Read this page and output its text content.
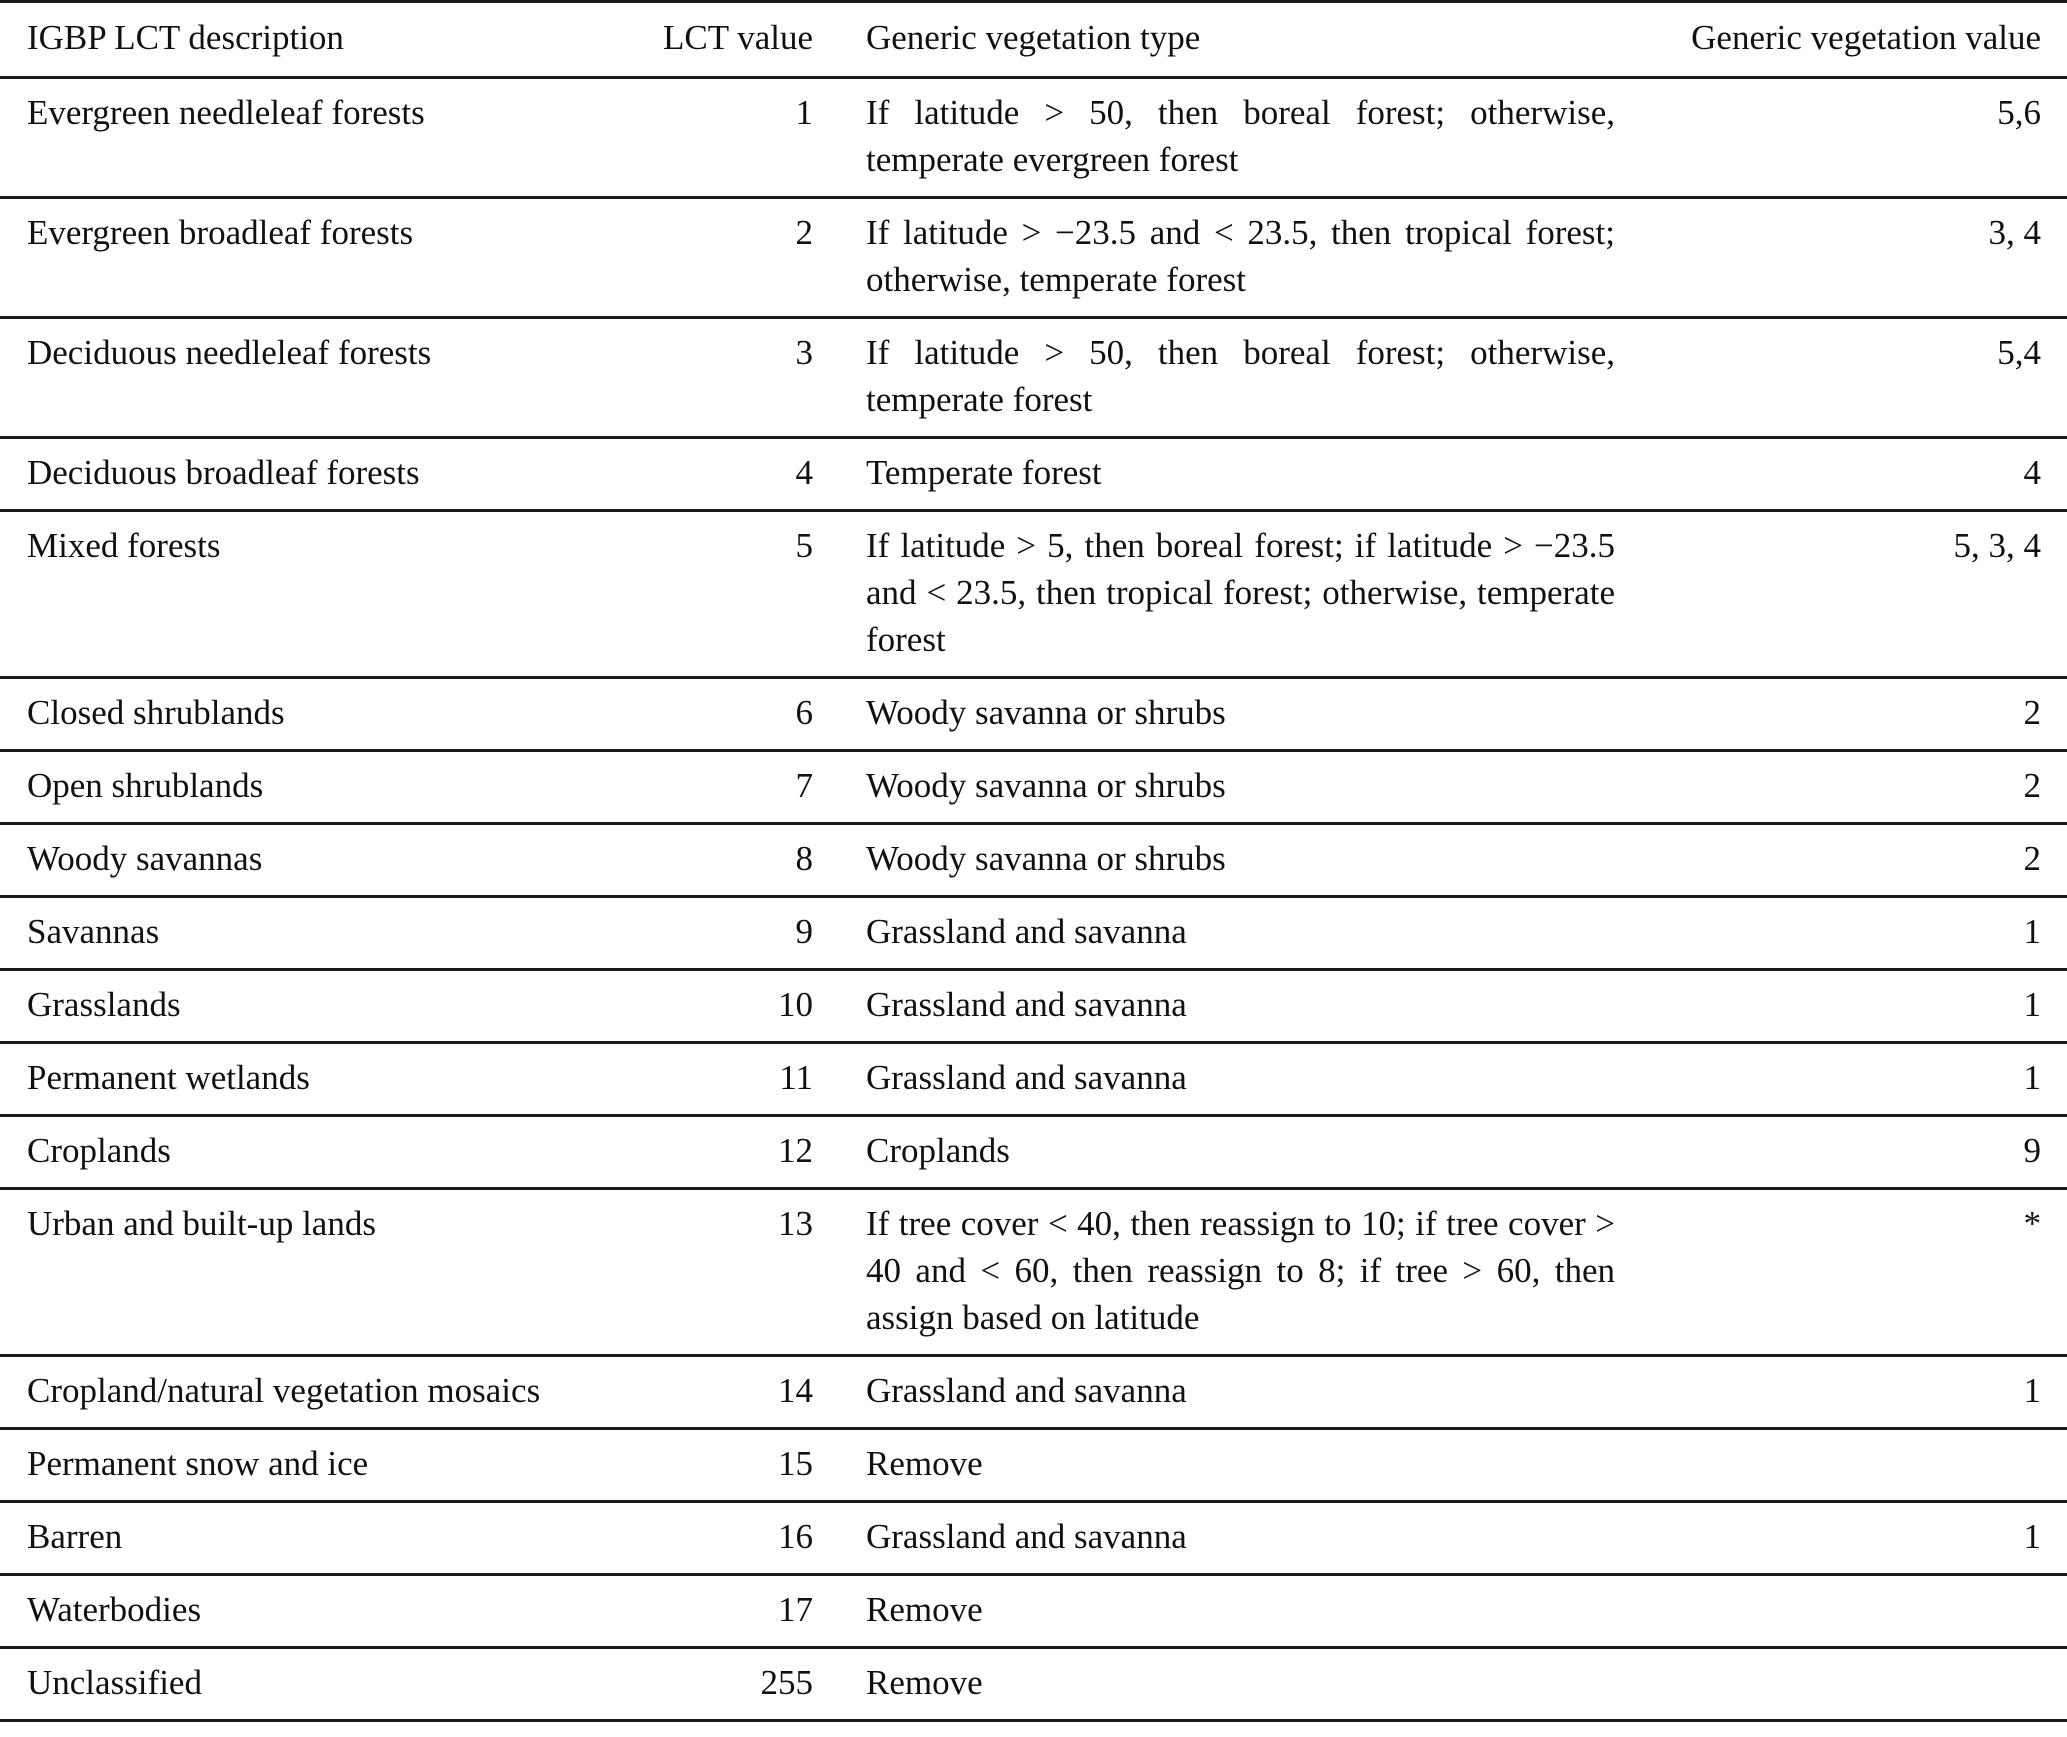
IGBP LCT description	LCT value	Generic vegetation type	Generic vegetation value
Evergreen needleleaf forests	1	If latitude > 50, then boreal forest; otherwise, temperate evergreen forest	5,6
Evergreen broadleaf forests	2	If latitude > −23.5 and < 23.5, then tropical forest; otherwise, temperate forest	3, 4
Deciduous needleleaf forests	3	If latitude > 50, then boreal forest; otherwise, temperate forest	5,4
Deciduous broadleaf forests	4	Temperate forest	4
Mixed forests	5	If latitude > 5, then boreal forest; if latitude > −23.5 and < 23.5, then tropical forest; otherwise, temperate forest	5, 3, 4
Closed shrublands	6	Woody savanna or shrubs	2
Open shrublands	7	Woody savanna or shrubs	2
Woody savannas	8	Woody savanna or shrubs	2
Savannas	9	Grassland and savanna	1
Grasslands	10	Grassland and savanna	1
Permanent wetlands	11	Grassland and savanna	1
Croplands	12	Croplands	9
Urban and built-up lands	13	If tree cover < 40, then reassign to 10; if tree cover > 40 and < 60, then reassign to 8; if tree > 60, then assign based on latitude	*
Cropland/natural vegetation mosaics	14	Grassland and savanna	1
Permanent snow and ice	15	Remove	
Barren	16	Grassland and savanna	1
Waterbodies	17	Remove	
Unclassified	255	Remove	
